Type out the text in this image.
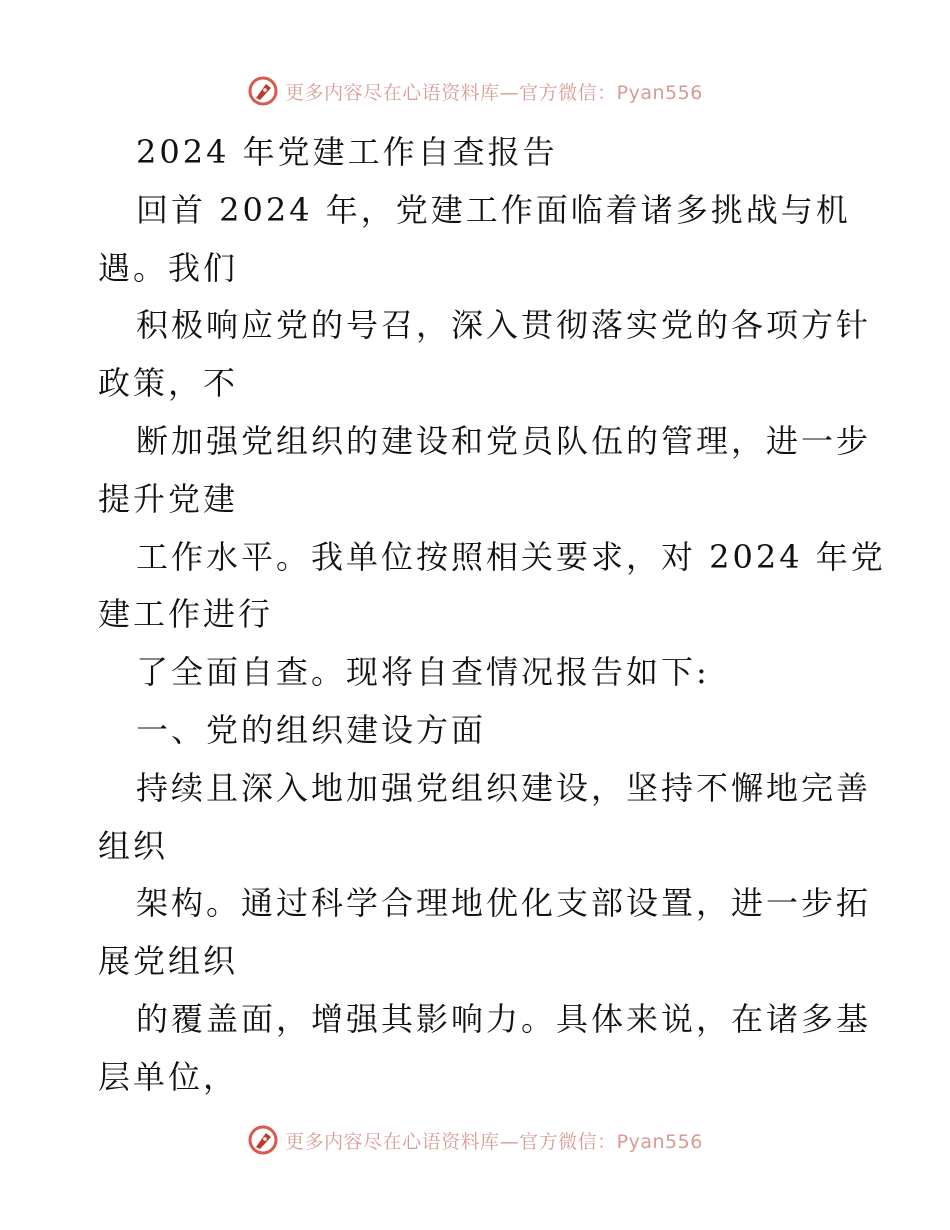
更多内容尽在心语资料库—官方微信：Pyan556
2024 年党建工作自查报告
回首 2024 年，党建工作面临着诸多挑战与机
遇。我们
积极响应党的号召，深入贯彻落实党的各项方针
政策，不
断加强党组织的建设和党员队伍的管理，进一步
提升党建
工作水平。我单位按照相关要求，对 2024 年党
建工作进行
了全面自查。现将自查情况报告如下:
一、党的组织建设方面
持续且深入地加强党组织建设，坚持不懈地完善
组织
架构。通过科学合理地优化支部设置，进一步拓
展党组织
的覆盖面，增强其影响力。具体来说，在诸多基
层单位，
更多内容尽在心语资料库—官方微信：Pyan556
